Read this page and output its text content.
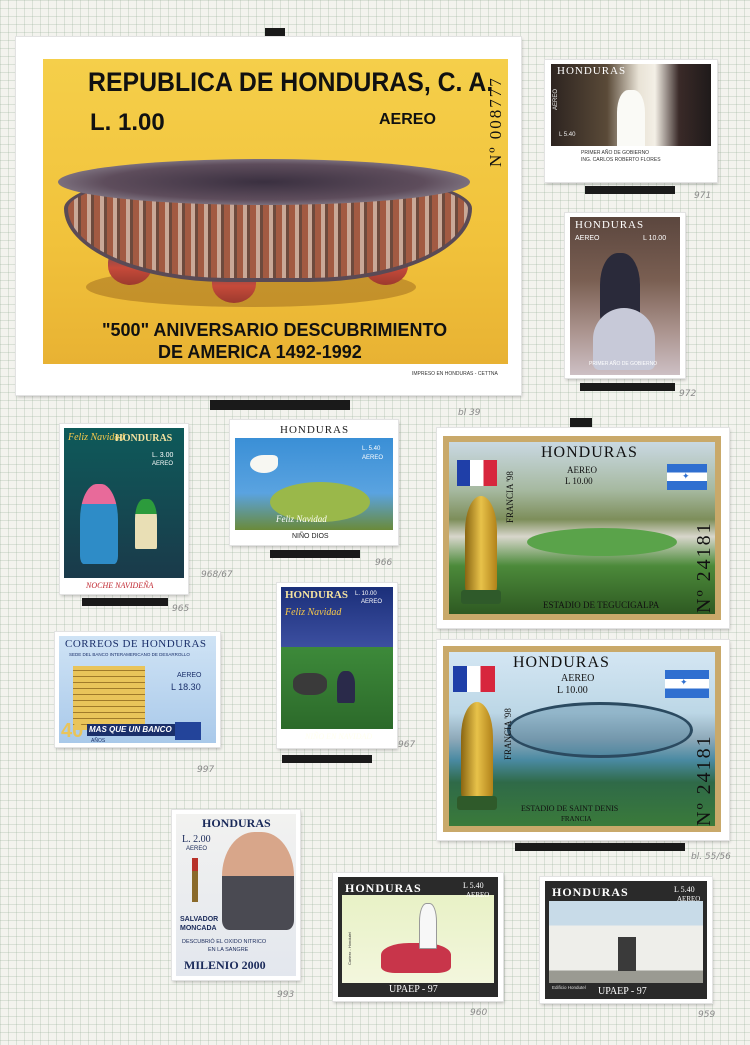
REPUBLICA DE HONDURAS, C. A.
L. 1.00	AEREO
"500" ANIVERSARIO DESCUBRIMIENTO
DE AMERICA 1492-1992
IMPRESO EN HONDURAS - CETTNA
Nº 008777
bl 39
HONDURAS
AEREO
L 5.40
PRIMER AÑO DE GOBIERNO
ING. CARLOS ROBERTO FLORES
971
HONDURAS
AEREO	L 10.00
PRIMER AÑO DE GOBIERNO
972
Feliz Navidad
HONDURAS
L. 3.00
AEREO
NOCHE NAVIDEÑA
965
968/67
HONDURAS
L. 5.40
AEREO
Feliz Navidad
NIÑO DIOS
966
HONDURAS L. 10.00
AEREO
Feliz Navidad
NIÑO EN NAVIDAD
967
CORREOS DE HONDURAS
SEDE DEL BANCO INTERAMERICANO DE DESARROLLO
AEREO
L 18.30
40 MAS QUE UN BANCO
AÑOS
997
✦
HONDURAS
AEREO
L 10.00
FRANCIA '98
ESTADIO DE TEGUCIGALPA Nº 24181
✦
HONDURAS
AEREO
L 10.00
FRANCIA '98
ESTADIO DE SAINT DENIS
FRANCIA	Nº 24181
bl. 55/56
HONDURAS
L. 2.00
AEREO
SALVADOR
MONCADA
DESCUBRIÓ EL OXIDO NITRICO
EN LA SANGRE
MILENIO 2000
993
HONDURAS	L 5.40
AEREO
Cartero - Hondutel
UPAEP - 97
960
HONDURAS	L 5.40
AEREO
Edificio Hondutel UPAEP - 97
959
